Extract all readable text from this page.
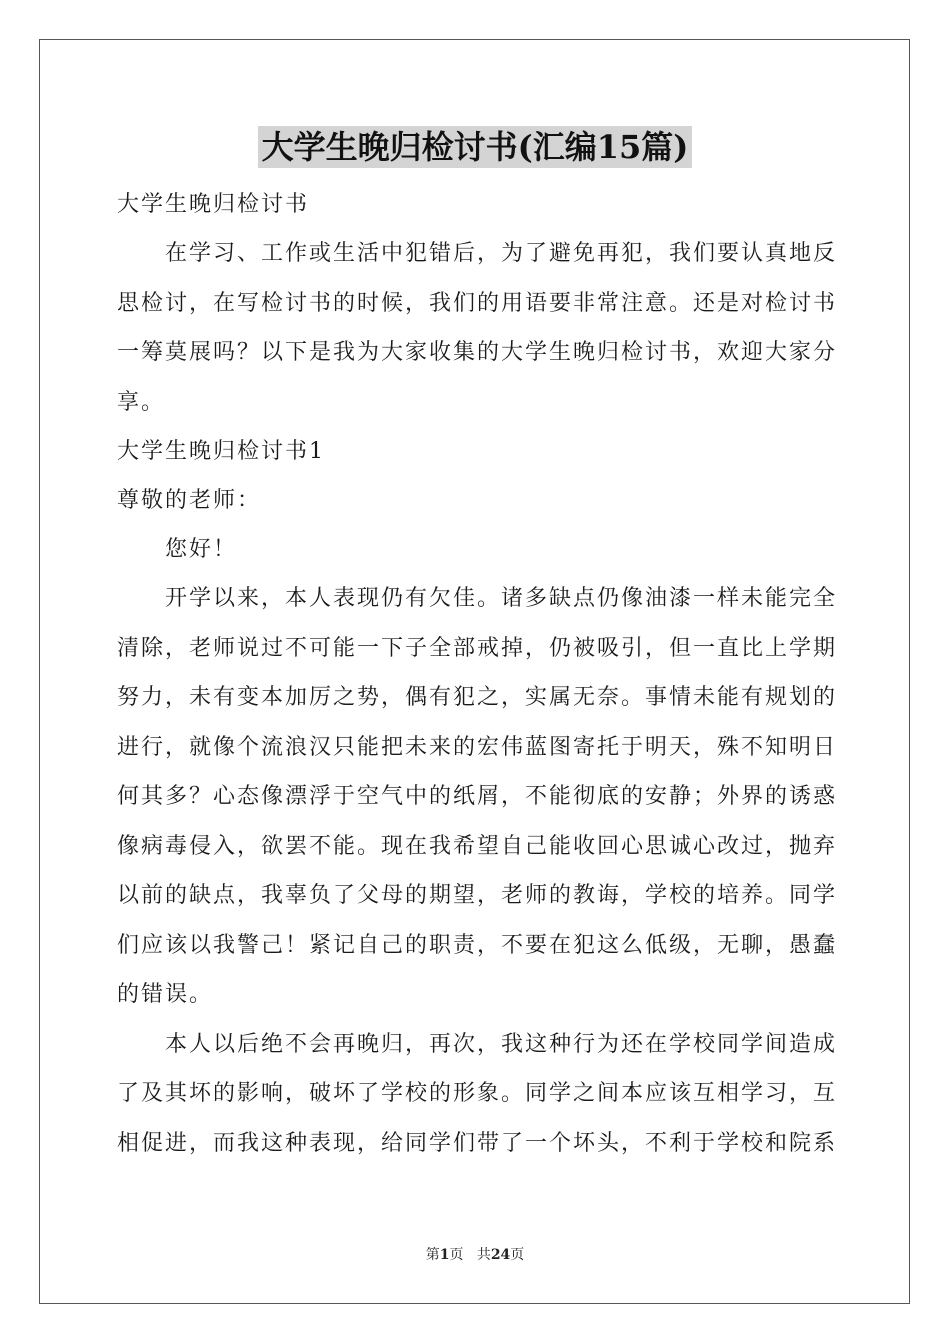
大学生晚归检讨书(汇编15篇)

大学生晚归检讨书

　　在学习、工作或生活中犯错后，为了避免再犯，我们要认真地反
思检讨，在写检讨书的时候，我们的用语要非常注意。还是对检讨书
一筹莫展吗？以下是我为大家收集的大学生晚归检讨书，欢迎大家分
享。

大学生晚归检讨书1

尊敬的老师：

　　您好！

　　开学以来，本人表现仍有欠佳。诸多缺点仍像油漆一样未能完全
清除，老师说过不可能一下子全部戒掉，仍被吸引，但一直比上学期
努力，未有变本加厉之势，偶有犯之，实属无奈。事情未能有规划的
进行，就像个流浪汉只能把未来的宏伟蓝图寄托于明天，殊不知明日
何其多？心态像漂浮于空气中的纸屑，不能彻底的安静；外界的诱惑
像病毒侵入，欲罢不能。现在我希望自己能收回心思诚心改过，抛弃
以前的缺点，我辜负了父母的期望，老师的教诲，学校的培养。同学
们应该以我警己！紧记自己的职责，不要在犯这么低级，无聊，愚蠢
的错误。
　　本人以后绝不会再晚归，再次，我这种行为还在学校同学间造成
了及其坏的影响，破坏了学校的形象。同学之间本应该互相学习，互
相促进，而我这种表现，给同学们带了一个坏头，不利于学校和院系
第1页 共24页
